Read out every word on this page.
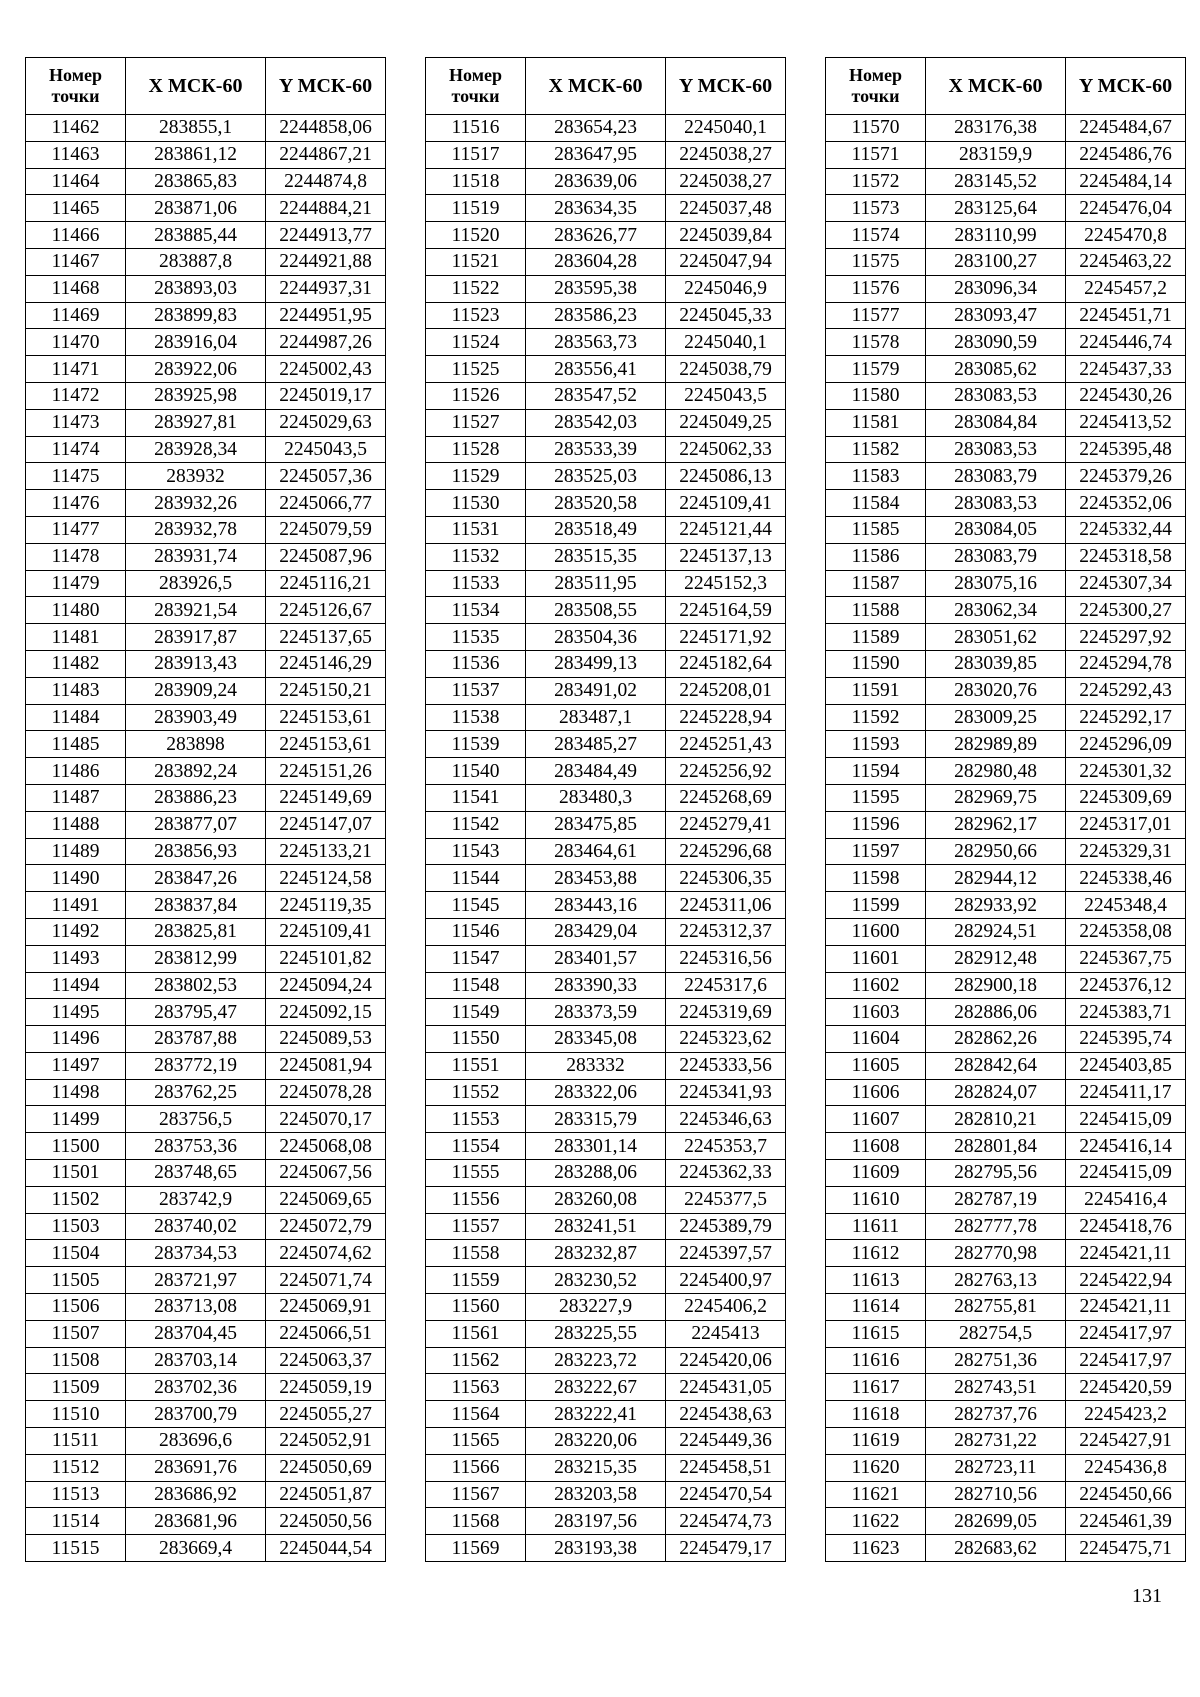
Номер
точки	X МСК-60	Y МСК-60
11462	283855,1	2244858,06
11463	283861,12	2244867,21
11464	283865,83	2244874,8
11465	283871,06	2244884,21
11466	283885,44	2244913,77
11467	283887,8	2244921,88
11468	283893,03	2244937,31
11469	283899,83	2244951,95
11470	283916,04	2244987,26
11471	283922,06	2245002,43
11472	283925,98	2245019,17
11473	283927,81	2245029,63
11474	283928,34	2245043,5
11475	283932	2245057,36
11476	283932,26	2245066,77
11477	283932,78	2245079,59
11478	283931,74	2245087,96
11479	283926,5	2245116,21
11480	283921,54	2245126,67
11481	283917,87	2245137,65
11482	283913,43	2245146,29
11483	283909,24	2245150,21
11484	283903,49	2245153,61
11485	283898	2245153,61
11486	283892,24	2245151,26
11487	283886,23	2245149,69
11488	283877,07	2245147,07
11489	283856,93	2245133,21
11490	283847,26	2245124,58
11491	283837,84	2245119,35
11492	283825,81	2245109,41
11493	283812,99	2245101,82
11494	283802,53	2245094,24
11495	283795,47	2245092,15
11496	283787,88	2245089,53
11497	283772,19	2245081,94
11498	283762,25	2245078,28
11499	283756,5	2245070,17
11500	283753,36	2245068,08
11501	283748,65	2245067,56
11502	283742,9	2245069,65
11503	283740,02	2245072,79
11504	283734,53	2245074,62
11505	283721,97	2245071,74
11506	283713,08	2245069,91
11507	283704,45	2245066,51
11508	283703,14	2245063,37
11509	283702,36	2245059,19
11510	283700,79	2245055,27
11511	283696,6	2245052,91
11512	283691,76	2245050,69
11513	283686,92	2245051,87
11514	283681,96	2245050,56
11515	283669,4	2245044,54
Номер
точки	X МСК-60	Y МСК-60
11516	283654,23	2245040,1
11517	283647,95	2245038,27
11518	283639,06	2245038,27
11519	283634,35	2245037,48
11520	283626,77	2245039,84
11521	283604,28	2245047,94
11522	283595,38	2245046,9
11523	283586,23	2245045,33
11524	283563,73	2245040,1
11525	283556,41	2245038,79
11526	283547,52	2245043,5
11527	283542,03	2245049,25
11528	283533,39	2245062,33
11529	283525,03	2245086,13
11530	283520,58	2245109,41
11531	283518,49	2245121,44
11532	283515,35	2245137,13
11533	283511,95	2245152,3
11534	283508,55	2245164,59
11535	283504,36	2245171,92
11536	283499,13	2245182,64
11537	283491,02	2245208,01
11538	283487,1	2245228,94
11539	283485,27	2245251,43
11540	283484,49	2245256,92
11541	283480,3	2245268,69
11542	283475,85	2245279,41
11543	283464,61	2245296,68
11544	283453,88	2245306,35
11545	283443,16	2245311,06
11546	283429,04	2245312,37
11547	283401,57	2245316,56
11548	283390,33	2245317,6
11549	283373,59	2245319,69
11550	283345,08	2245323,62
11551	283332	2245333,56
11552	283322,06	2245341,93
11553	283315,79	2245346,63
11554	283301,14	2245353,7
11555	283288,06	2245362,33
11556	283260,08	2245377,5
11557	283241,51	2245389,79
11558	283232,87	2245397,57
11559	283230,52	2245400,97
11560	283227,9	2245406,2
11561	283225,55	2245413
11562	283223,72	2245420,06
11563	283222,67	2245431,05
11564	283222,41	2245438,63
11565	283220,06	2245449,36
11566	283215,35	2245458,51
11567	283203,58	2245470,54
11568	283197,56	2245474,73
11569	283193,38	2245479,17
Номер
точки	X МСК-60	Y МСК-60
11570	283176,38	2245484,67
11571	283159,9	2245486,76
11572	283145,52	2245484,14
11573	283125,64	2245476,04
11574	283110,99	2245470,8
11575	283100,27	2245463,22
11576	283096,34	2245457,2
11577	283093,47	2245451,71
11578	283090,59	2245446,74
11579	283085,62	2245437,33
11580	283083,53	2245430,26
11581	283084,84	2245413,52
11582	283083,53	2245395,48
11583	283083,79	2245379,26
11584	283083,53	2245352,06
11585	283084,05	2245332,44
11586	283083,79	2245318,58
11587	283075,16	2245307,34
11588	283062,34	2245300,27
11589	283051,62	2245297,92
11590	283039,85	2245294,78
11591	283020,76	2245292,43
11592	283009,25	2245292,17
11593	282989,89	2245296,09
11594	282980,48	2245301,32
11595	282969,75	2245309,69
11596	282962,17	2245317,01
11597	282950,66	2245329,31
11598	282944,12	2245338,46
11599	282933,92	2245348,4
11600	282924,51	2245358,08
11601	282912,48	2245367,75
11602	282900,18	2245376,12
11603	282886,06	2245383,71
11604	282862,26	2245395,74
11605	282842,64	2245403,85
11606	282824,07	2245411,17
11607	282810,21	2245415,09
11608	282801,84	2245416,14
11609	282795,56	2245415,09
11610	282787,19	2245416,4
11611	282777,78	2245418,76
11612	282770,98	2245421,11
11613	282763,13	2245422,94
11614	282755,81	2245421,11
11615	282754,5	2245417,97
11616	282751,36	2245417,97
11617	282743,51	2245420,59
11618	282737,76	2245423,2
11619	282731,22	2245427,91
11620	282723,11	2245436,8
11621	282710,56	2245450,66
11622	282699,05	2245461,39
11623	282683,62	2245475,71
131
